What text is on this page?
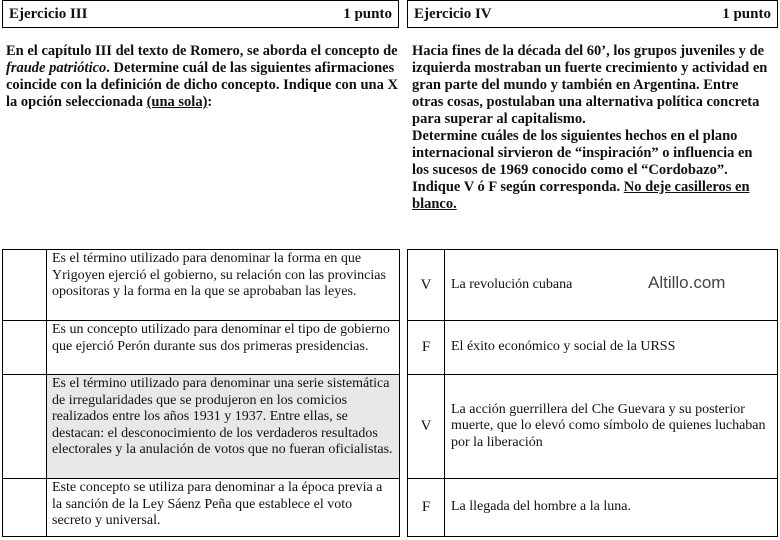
Ejercicio III	1 punto Ejercicio IV	1 punto
En el capítulo III del texto de Romero, se aborda el concepto de fraude patriótico. Determine cuál de las siguientes afirmaciones coincide con la definición de dicho concepto. Indique con una X la opción seleccionada (una sola):
Hacia fines de la década del 60’, los grupos juveniles y de izquierda mostraban un fuerte crecimiento y actividad en gran parte del mundo y también en Argentina. Entre otras cosas, postulaban una alternativa política concreta para superar al capitalismo.
Determine cuáles de los siguientes hechos en el plano internacional sirvieron de “inspiración” o influencia en los sucesos de 1969 conocido como el “Cordobazo”. Indique V ó F según corresponda. No deje casilleros en blanco.
	Es el término utilizado para denominar la forma en que Yrigoyen ejerció el gobierno, su relación con las provincias opositoras y la forma en la que se aprobaban las leyes.
	Es un concepto utilizado para denominar el tipo de gobierno que ejerció Perón durante sus dos primeras presidencias.
	Es el término utilizado para denominar una serie sistemática de irregularidades que se produjeron en los comicios realizados entre los años 1931 y 1937. Entre ellas, se destacan: el desconocimiento de los verdaderos resultados electorales y la anulación de votos que no fueran oficialistas.
	Este concepto se utiliza para denominar a la época previa a la sanción de la Ley Sáenz Peña que establece el voto secreto y universal.
V	La revolución cubana
F	El éxito económico y social de la URSS
V	La acción guerrillera del Che Guevara y su posterior muerte, que lo elevó como símbolo de quienes luchaban por la liberación
F	La llegada del hombre a la luna.
Altillo.com
